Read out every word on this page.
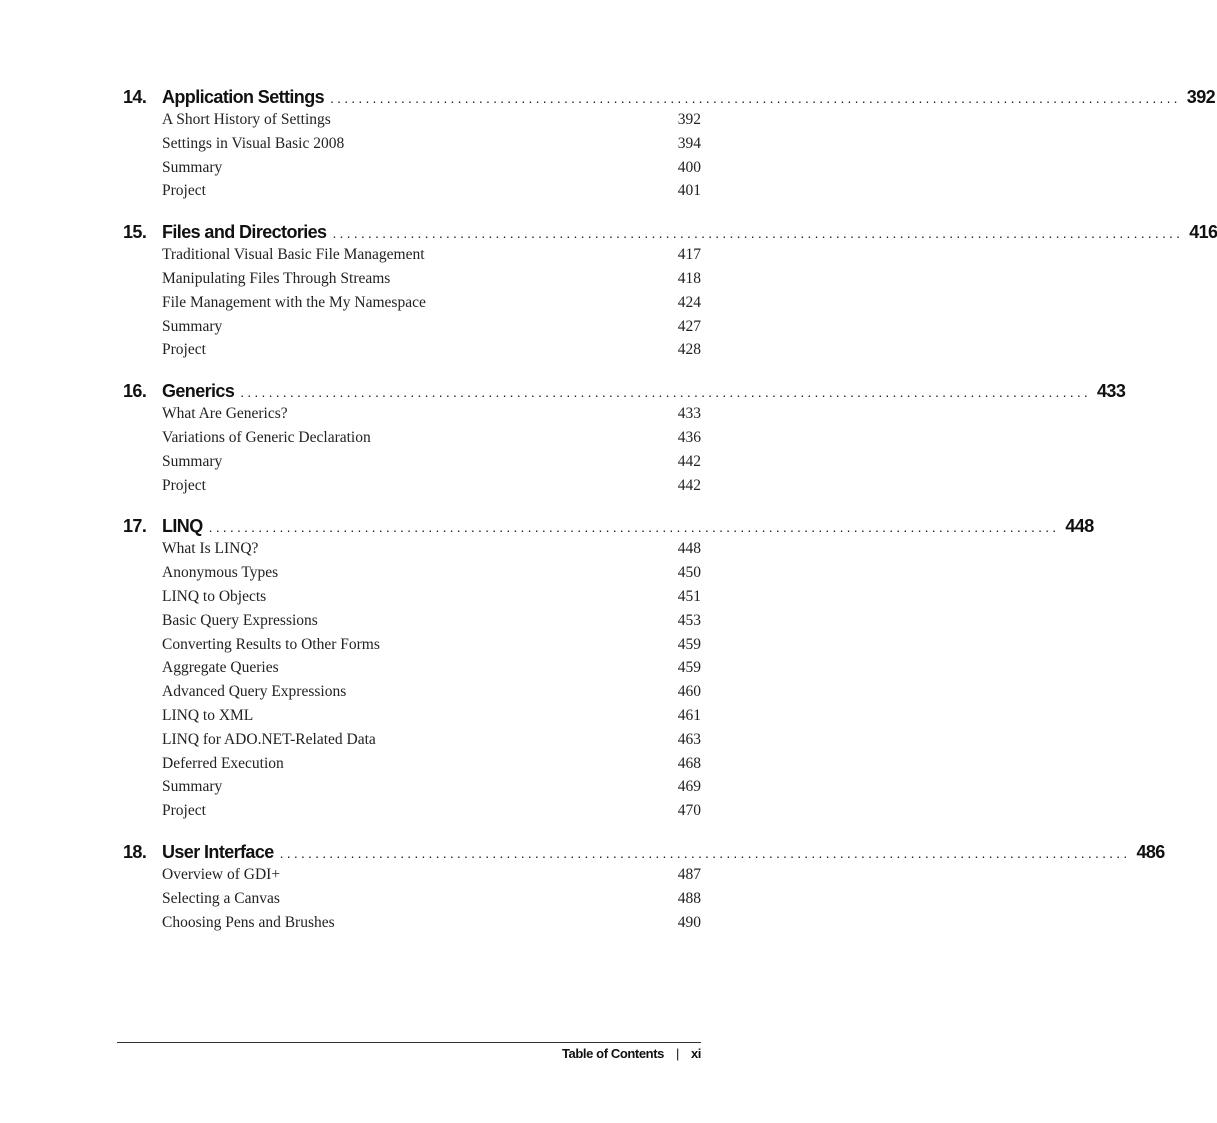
14. Application Settings ........................................................................................................................ 392
A Short History of Settings	392
Settings in Visual Basic 2008	394
Summary	400
Project	401
15. Files and Directories ........................................................................................................................ 416
Traditional Visual Basic File Management	417
Manipulating Files Through Streams	418
File Management with the My Namespace	424
Summary	427
Project	428
16. Generics ........................................................................................................................ 433
What Are Generics?	433
Variations of Generic Declaration	436
Summary	442
Project	442
17. LINQ ........................................................................................................................ 448
What Is LINQ?	448
Anonymous Types	450
LINQ to Objects	451
Basic Query Expressions	453
Converting Results to Other Forms	459
Aggregate Queries	459
Advanced Query Expressions	460
LINQ to XML	461
LINQ for ADO.NET-Related Data	463
Deferred Execution	468
Summary	469
Project	470
18. User Interface ........................................................................................................................ 486
Overview of GDI+	487
Selecting a Canvas	488
Choosing Pens and Brushes	490
Table of Contents | xi
